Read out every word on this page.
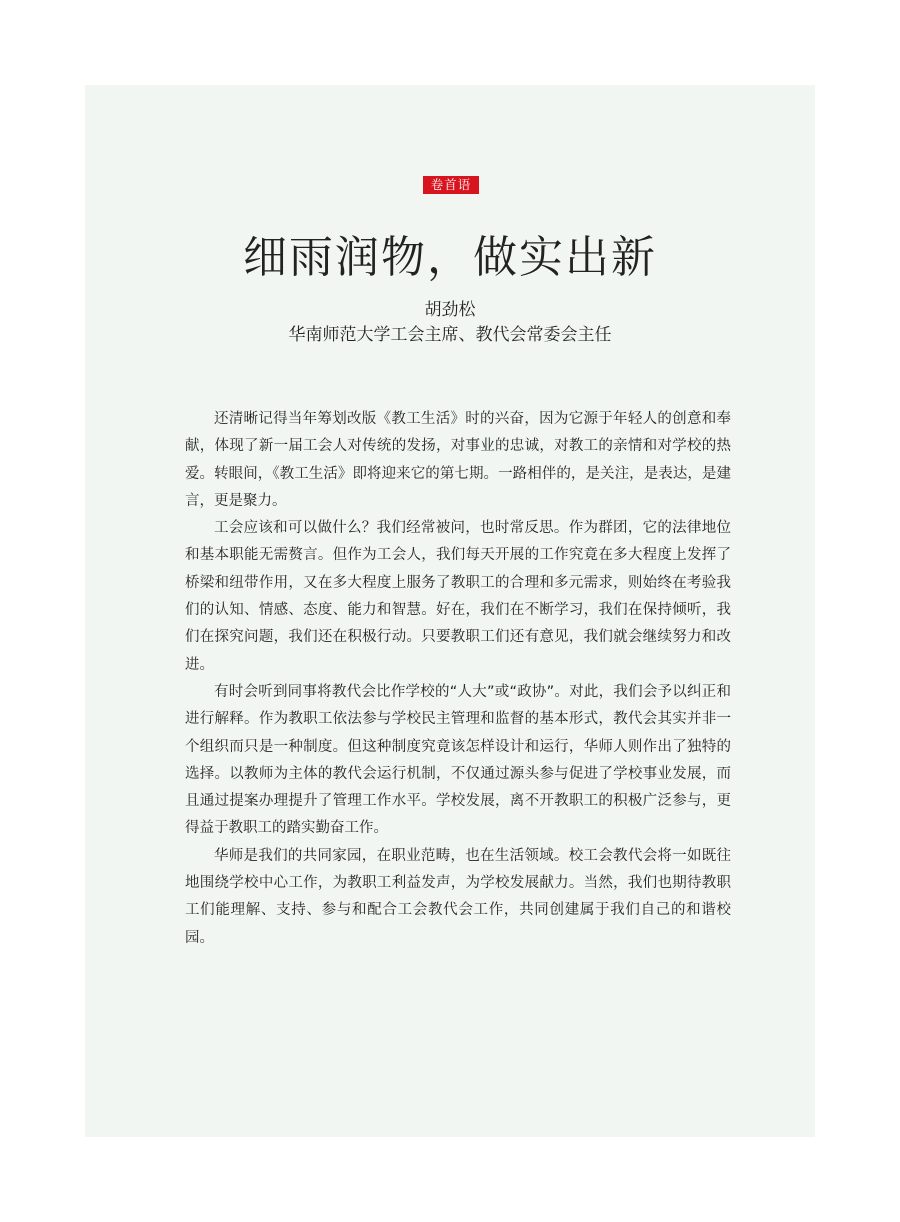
卷首语
细雨润物，做实出新
胡劲松
华南师范大学工会主席、教代会常委会主任

还清晰记得当年筹划改版《教工生活》时的兴奋，因为它源于年轻人的创意和奉献，体现了新一届工会人对传统的发扬，对事业的忠诚，对教工的亲情和对学校的热爱。转眼间，《教工生活》即将迎来它的第七期。一路相伴的，是关注，是表达，是建言，更是聚力。

工会应该和可以做什么？我们经常被问，也时常反思。作为群团，它的法律地位和基本职能无需赘言。但作为工会人，我们每天开展的工作究竟在多大程度上发挥了桥梁和纽带作用，又在多大程度上服务了教职工的合理和多元需求，则始终在考验我们的认知、情感、态度、能力和智慧。好在，我们在不断学习，我们在保持倾听，我们在探究问题，我们还在积极行动。只要教职工们还有意见，我们就会继续努力和改进。

有时会听到同事将教代会比作学校的“人大”或“政协”。对此，我们会予以纠正和进行解释。作为教职工依法参与学校民主管理和监督的基本形式，教代会其实并非一个组织而只是一种制度。但这种制度究竟该怎样设计和运行，华师人则作出了独特的选择。以教师为主体的教代会运行机制，不仅通过源头参与促进了学校事业发展，而且通过提案办理提升了管理工作水平。学校发展，离不开教职工的积极广泛参与，更得益于教职工的踏实勤奋工作。

华师是我们的共同家园，在职业范畴，也在生活领域。校工会教代会将一如既往地围绕学校中心工作，为教职工利益发声，为学校发展献力。当然，我们也期待教职工们能理解、支持、参与和配合工会教代会工作，共同创建属于我们自己的和谐校园。
